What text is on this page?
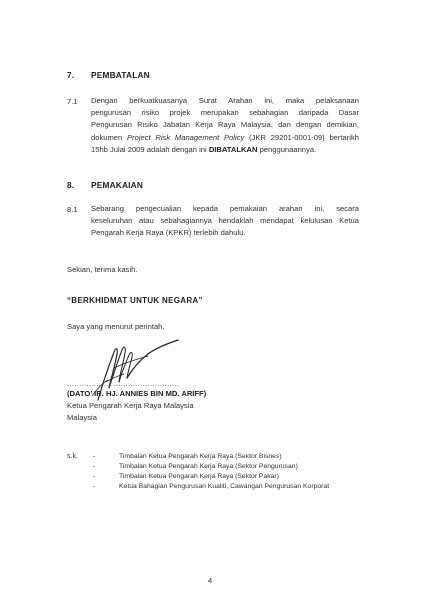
7. PEMBATALAN
7.1 Dengan berkuatkuasanya Surat Arahan ini, maka pelaksanaan
pengurusan risiko projek merupakan sebahagian daripada Dasar
Pengurusan Risiko Jabatan Kerja Raya Malaysia, dan dengan demikian,
dokumen Project Risk Management Policy (JKR 29201-0001-09) bertarikh
15hb Julai 2009 adalah dengan ini DIBATALKAN penggunaannya.
8. PEMAKAIAN
8.1 Sebarang pengecualian kepada pemakaian arahan ini, secara
keseluruhan atau sebahagiannya hendaklah mendapat kelulusan Ketua
Pengarah Kerja Raya (KPKR) terlebih dahulu.
Sekian, terima kasih.
“BERKHIDMAT UNTUK NEGARA”
Saya yang menurut perintah,
..............................................
(DATO’ IR. HJ. ANNIES BIN MD. ARIFF)
Ketua Pengarah Kerja Raya Malaysia
Malaysia
s.k. -	Timbalan Ketua Pengarah Kerja Raya (Sektor Bisnes)
-	Timbalan Ketua Pengarah Kerja Raya (Sektor Pengurusan)
-	Timbalan Ketua Pengarah Kerja Raya (Sektor Pakar)
-	Ketua Bahagian Pengurusan Kualiti, Cawangan Pengurusan Korporat
4
